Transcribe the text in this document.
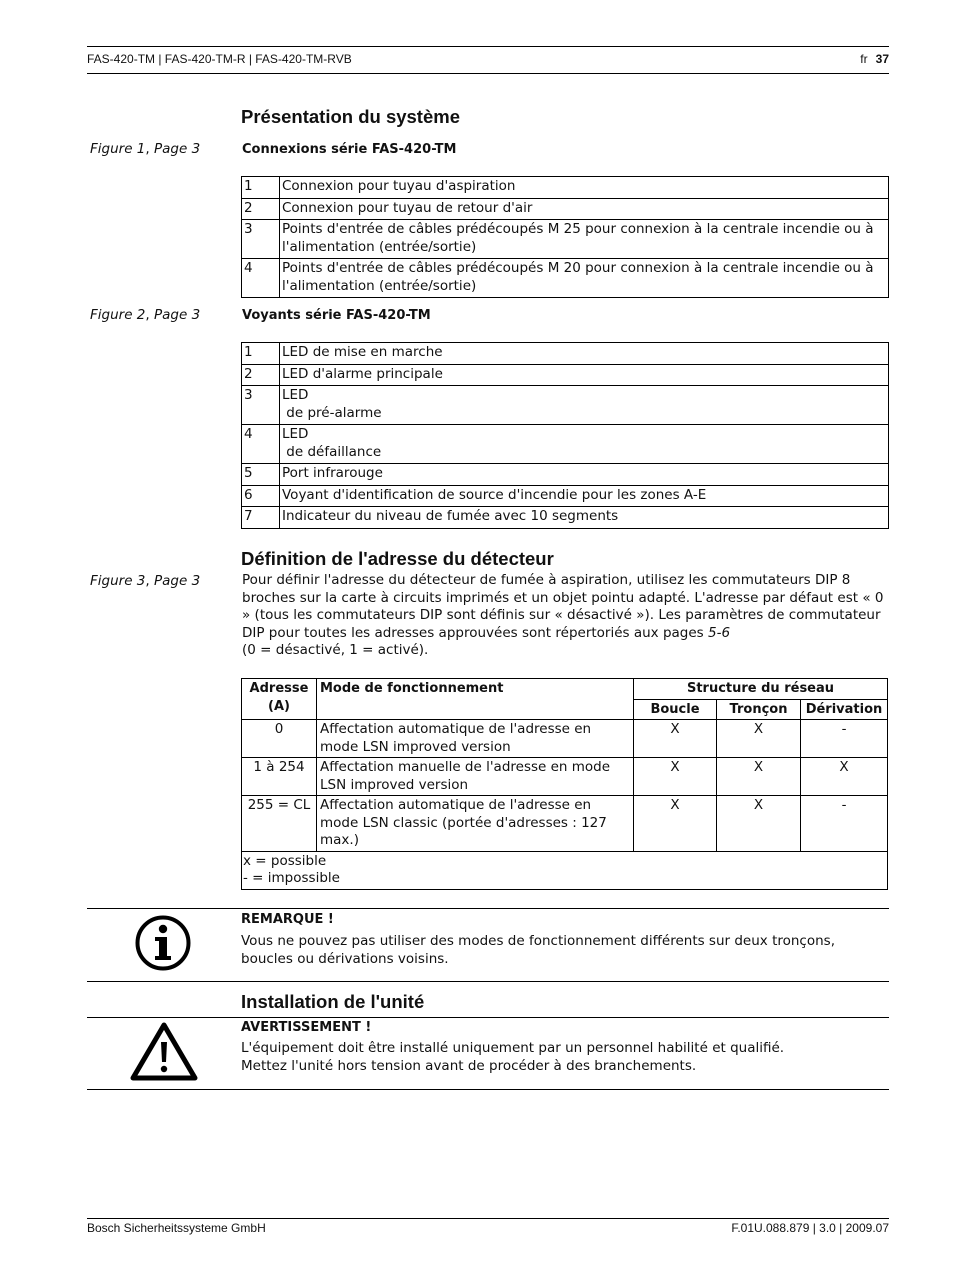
FAS-420-TM | FAS-420-TM-R | FAS-420-TM-RVB	fr 37
Présentation du système
Figure 1, Page 3	Connexions série FAS-420-TM
1	Connexion pour tuyau d'aspiration
2	Connexion pour tuyau de retour d'air
3	Points d'entrée de câbles prédécoupés M 25 pour connexion à la centrale incendie ou à l'alimentation (entrée/sortie)
4	Points d'entrée de câbles prédécoupés M 20 pour connexion à la centrale incendie ou à l'alimentation (entrée/sortie)
Figure 2, Page 3	Voyants série FAS-420-TM
1	LED de mise en marche
2	LED d'alarme principale
3	LED
de pré-alarme

4	LED
de défaillance

5	Port infrarouge
6	Voyant d'identification de source d'incendie pour les zones A-E
7	Indicateur du niveau de fumée avec 10 segments
Définition de l'adresse du détecteur
Figure 3, Page 3	Pour définir l'adresse du détecteur de fumée à aspiration, utilisez les commutateurs DIP 8 broches sur la carte à circuits imprimés et un objet pointu adapté. L'adresse par défaut est « 0 » (tous les commutateurs DIP sont définis sur « désactivé »). Les paramètres de commutateur DIP pour toutes les adresses approuvées sont répertoriés aux pages 5-6
(0 = désactivé, 1 = activé).
Adresse (A)	Mode de fonctionnement	Structure du réseau		
		Boucle	Tronçon	Dérivation
0	Affectation automatique de l'adresse en mode LSN improved version	X	X	-
1 à 254	Affectation manuelle de l'adresse en mode LSN improved version	X	X	X
255 = CL	Affectation automatique de l'adresse en mode LSN classic (portée d'adresses : 127 max.)	X	X	-

x = possible
- = impossible				
REMARQUE !
Vous ne pouvez pas utiliser des modes de fonctionnement différents sur deux tronçons, boucles ou dérivations voisins.
Installation de l'unité
AVERTISSEMENT !
L'équipement doit être installé uniquement par un personnel habilité et qualifié.
Mettez l'unité hors tension avant de procéder à des branchements.
Bosch Sicherheitssysteme GmbH	F.01U.088.879 | 3.0 | 2009.07
